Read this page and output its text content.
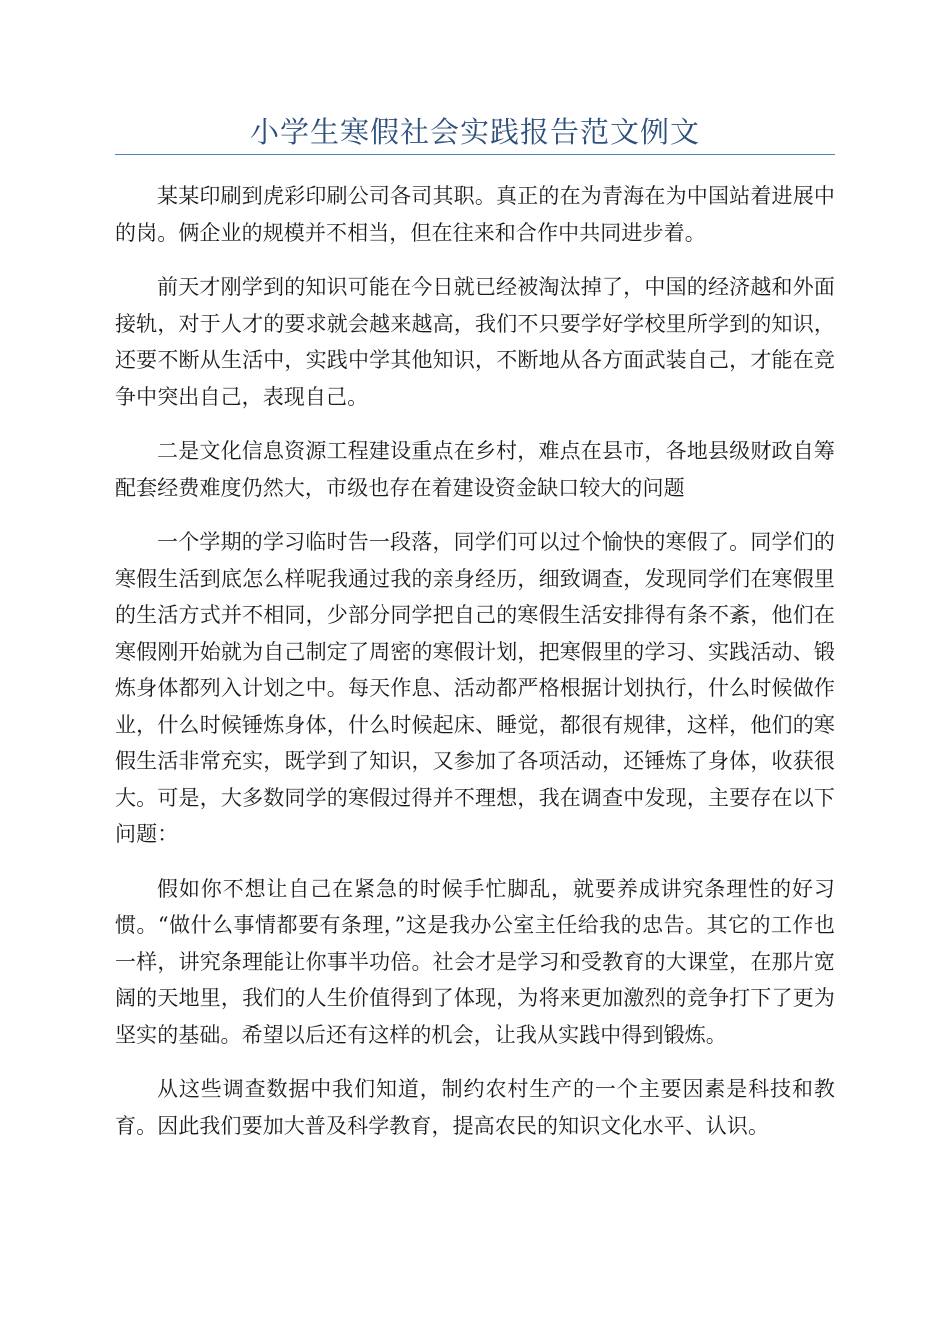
小学生寒假社会实践报告范文例文

某某印刷到虎彩印刷公司各司其职。真正的在为青海在为中国站着进展中的岗。俩企业的规模并不相当，但在往来和合作中共同进步着。

前天才刚学到的知识可能在今日就已经被淘汰掉了，中国的经济越和外面接轨，对于人才的要求就会越来越高，我们不只要学好学校里所学到的知识，还要不断从生活中，实践中学其他知识，不断地从各方面武装自己，才能在竞争中突出自己，表现自己。

二是文化信息资源工程建设重点在乡村，难点在县市，各地县级财政自筹配套经费难度仍然大，市级也存在着建设资金缺口较大的问题

一个学期的学习临时告一段落，同学们可以过个愉快的寒假了。同学们的寒假生活到底怎么样呢我通过我的亲身经历，细致调查，发现同学们在寒假里的生活方式并不相同，少部分同学把自己的寒假生活安排得有条不紊，他们在寒假刚开始就为自己制定了周密的寒假计划，把寒假里的学习、实践活动、锻炼身体都列入计划之中。每天作息、活动都严格根据计划执行，什么时候做作业，什么时候锤炼身体，什么时候起床、睡觉，都很有规律，这样，他们的寒假生活非常充实，既学到了知识，又参加了各项活动，还锤炼了身体，收获很大。可是，大多数同学的寒假过得并不理想，我在调查中发现，主要存在以下问题：

假如你不想让自己在紧急的时候手忙脚乱，就要养成讲究条理性的好习惯。“做什么事情都要有条理，”这是我办公室主任给我的忠告。其它的工作也一样，讲究条理能让你事半功倍。社会才是学习和受教育的大课堂，在那片宽阔的天地里，我们的人生价值得到了体现，为将来更加激烈的竞争打下了更为坚实的基础。希望以后还有这样的机会，让我从实践中得到锻炼。

从这些调查数据中我们知道，制约农村生产的一个主要因素是科技和教育。因此我们要加大普及科学教育，提高农民的知识文化水平、认识。
